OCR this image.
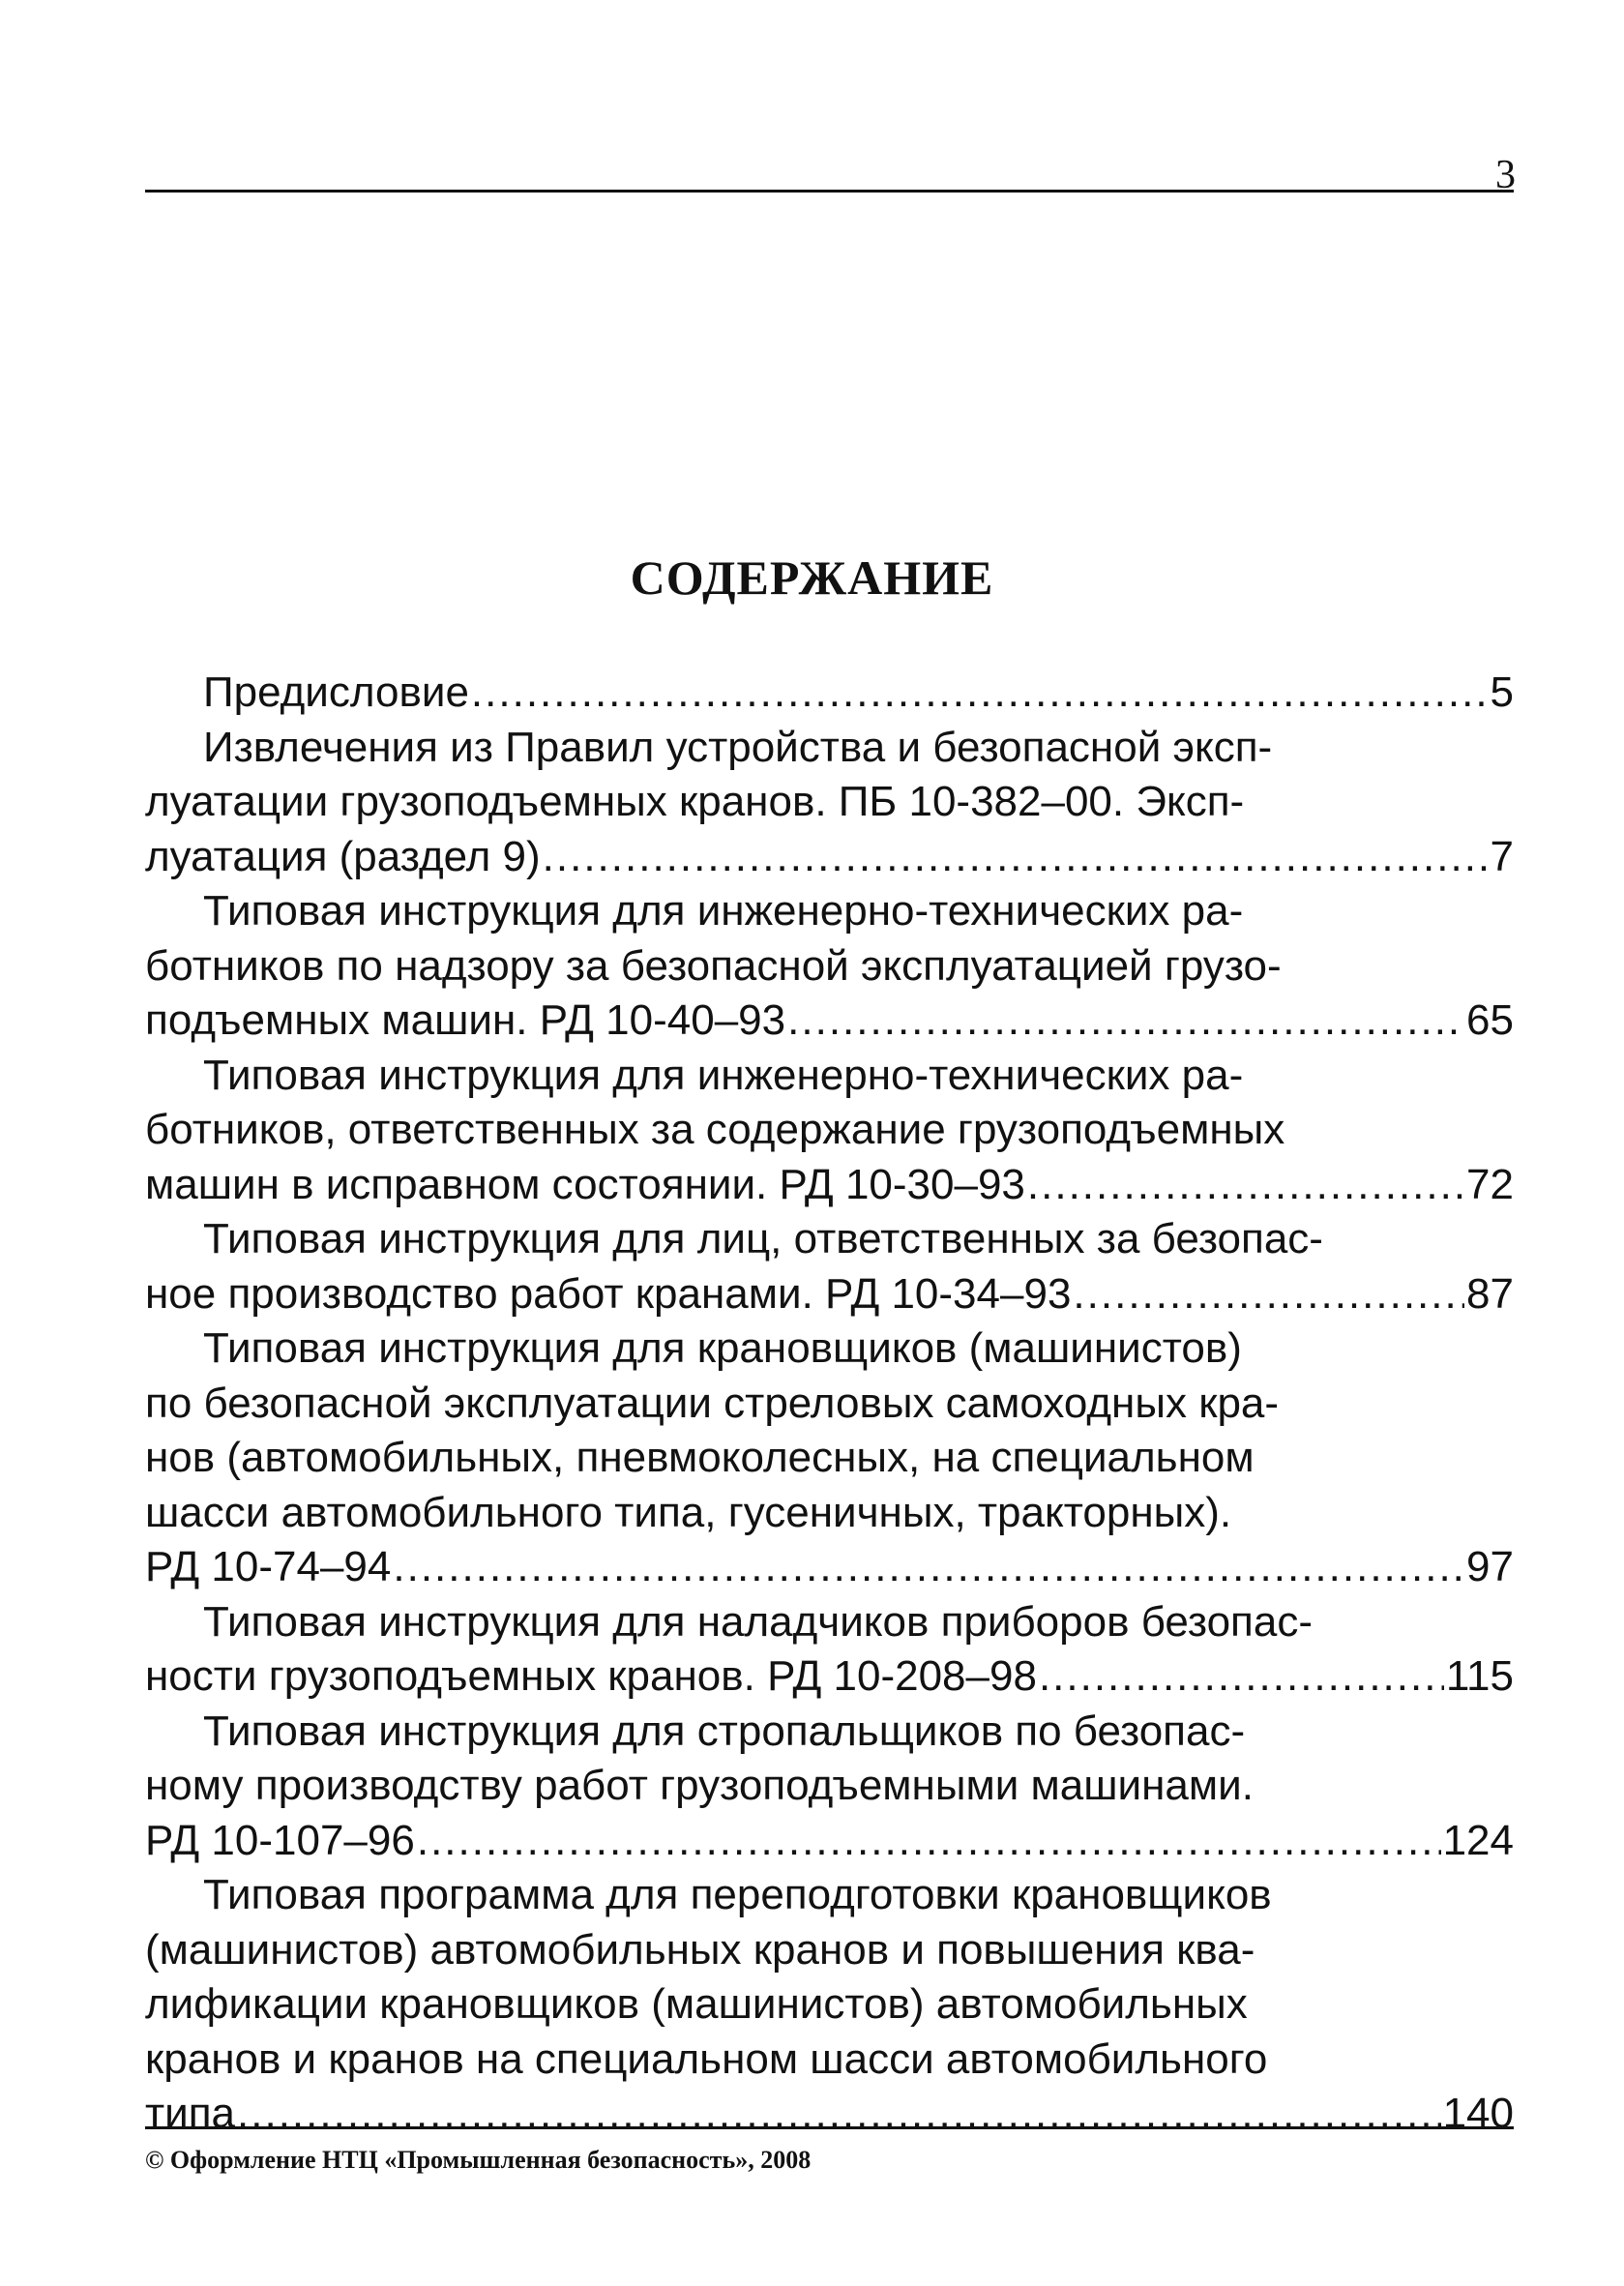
3
СОДЕРЖАНИЕ
Предисловие .....	5
Извлечения из Правил устройства и безопасной эксп-
луатации грузоподъемных кранов. ПБ 10-382–00. Эксп-
луатация (раздел 9) .....	7
Типовая инструкция для инженерно-технических ра-
ботников по надзору за безопасной эксплуатацией грузо-
подъемных машин. РД 10-40–93 .....	65
Типовая инструкция для инженерно-технических ра-
ботников, ответственных за содержание грузоподъемных
машин в исправном состоянии. РД 10-30–93 .....	72
Типовая инструкция для лиц, ответственных за безопас-
ное производство работ кранами. РД 10-34–93 .....	87
Типовая инструкция для крановщиков (машинистов)
по безопасной эксплуатации стреловых самоходных кра-
нов (автомобильных, пневмоколесных, на специальном
шасси автомобильного типа, гусеничных, тракторных).
РД 10-74–94 .....	97
Типовая инструкция для наладчиков приборов безопас-
ности грузоподъемных кранов. РД 10-208–98 .....	115
Типовая инструкция для стропальщиков по безопас-
ному производству работ грузоподъемными машинами.
РД 10-107–96 .....	124
Типовая программа для переподготовки крановщиков
(машинистов) автомобильных кранов и повышения ква-
лификации крановщиков (машинистов) автомобильных
кранов и кранов на специальном шасси автомобильного
типа .....	140
© Оформление НТЦ «Промышленная безопасность», 2008
